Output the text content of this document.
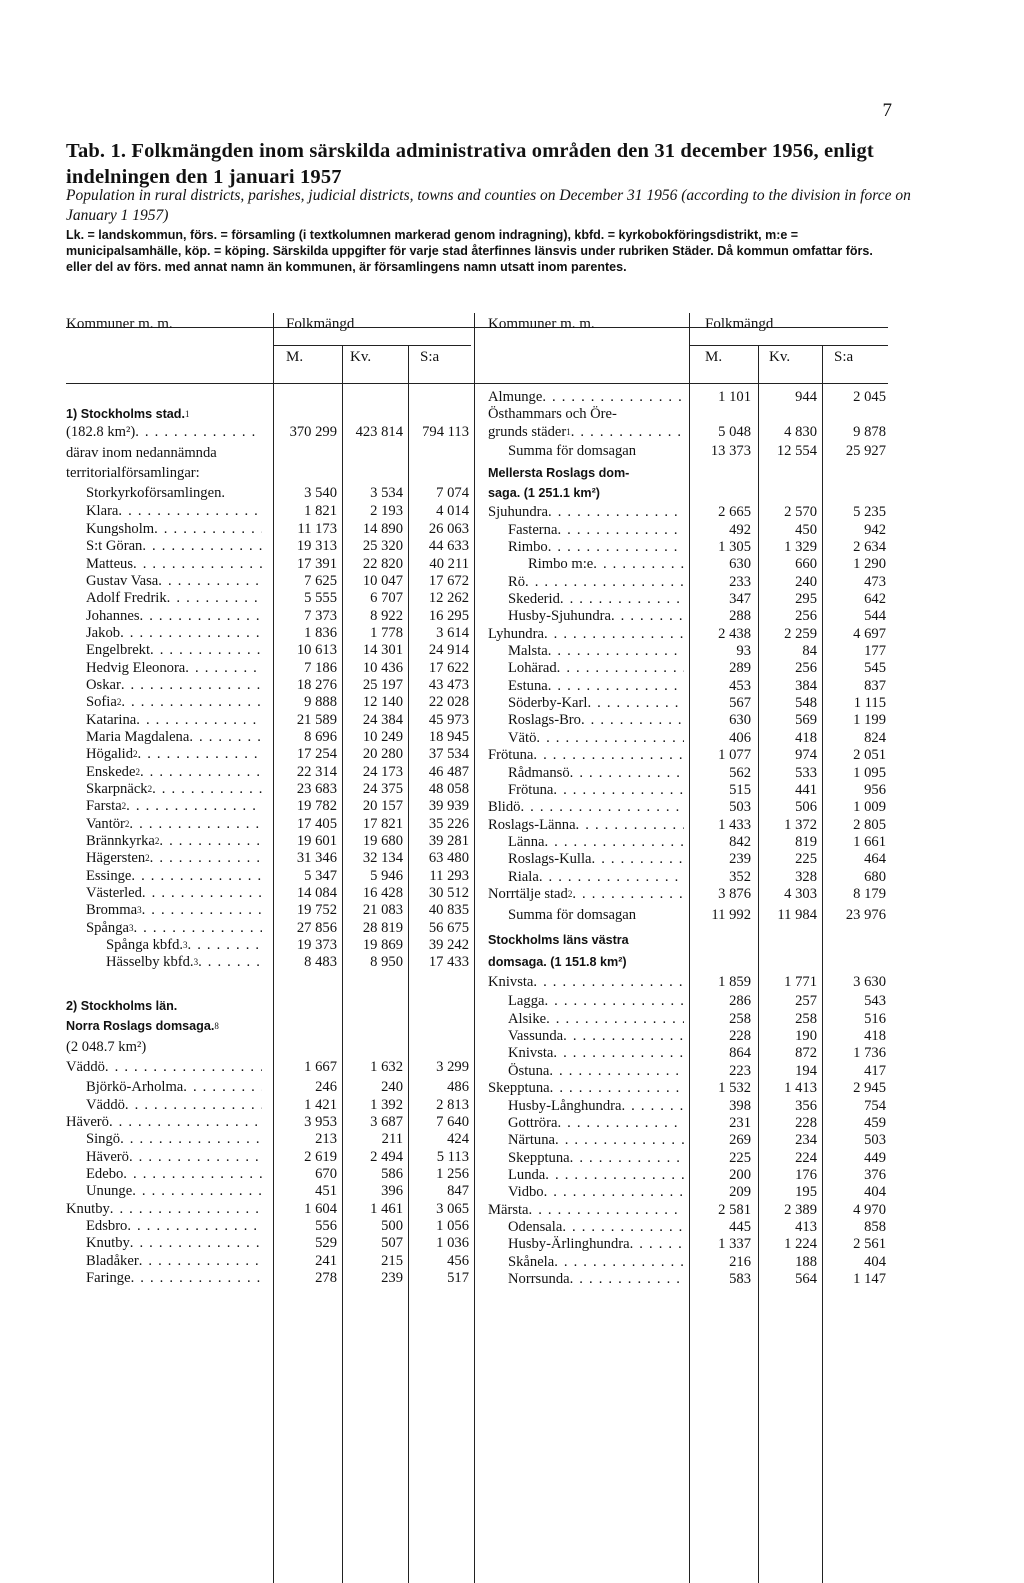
7
Tab. 1. Folkmängden inom särskilda administrativa områden den 31 december 1956, enligt indelningen den 1 januari 1957
Population in rural districts, parishes, judicial districts, towns and counties on December 31 1956 (according to the division in force on January 1 1957)
Lk. = landskommun, förs. = församling (i textkolumnen markerad genom indragning), kbfd. = kyrkobokföringsdistrikt, m:e = municipalsamhälle, köp. = köping. Särskilda uppgifter för varje stad återfinnes länsvis under rubriken Städer. Då kommun omfattar förs. eller del av förs. med annat namn än kommunen, är församlingens namn utsatt inom parentes.
Kommuner m. m.	Folkmängd
M.	Kv.	S:a
Kommuner m. m.	Folkmängd
M.	Kv.	S:a
1) Stockholms stad. 1
(182.8 km²) . . .	370 299	423 814	794 113
därav inom nedannämnda
territorialförsamlingar:
Storkyrkoförsamlingen.	3 540	3 534	7 074
Klara . . .	1 821	2 193	4 014
Kungsholm . . .	11 173	14 890	26 063
S:t Göran . . .	19 313	25 320	44 633
Matteus . . .	17 391	22 820	40 211
Gustav Vasa . . .	7 625	10 047	17 672
Adolf Fredrik . . .	5 555	6 707	12 262
Johannes . . .	7 373	8 922	16 295
Jakob . . .	1 836	1 778	3 614
Engelbrekt . . .	10 613	14 301	24 914
Hedvig Eleonora . . .	7 186	10 436	17 622
Oskar . . .	18 276	25 197	43 473
Sofia 2 . . .	9 888	12 140	22 028
Katarina . . .	21 589	24 384	45 973
Maria Magdalena . . .	8 696	10 249	18 945
Högalid 2 . . .	17 254	20 280	37 534
Enskede 2 . . .	22 314	24 173	46 487
Skarpnäck 2 . . .	23 683	24 375	48 058
Farsta 2 . . .	19 782	20 157	39 939
Vantör 2 . . .	17 405	17 821	35 226
Brännkyrka 2 . . .	19 601	19 680	39 281
Hägersten 2 . . .	31 346	32 134	63 480
Essinge . . .	5 347	5 946	11 293
Västerled . . .	14 084	16 428	30 512
Bromma 3 . . .	19 752	21 083	40 835
Spånga 3 . . .	27 856	28 819	56 675
Spånga kbfd. 3 . . .	19 373	19 869	39 242
Hässelby kbfd. 3 . . .	8 483	8 950	17 433
2) Stockholms län.
Norra Roslags domsaga. 8
(2 048.7 km²)
Väddö . . .	1 667	1 632	3 299
Björkö-Arholma . . .	246	240	486
Väddö . . .	1 421	1 392	2 813
Häverö . . .	3 953	3 687	7 640
Singö . . .	213	211	424
Häverö . . .	2 619	2 494	5 113
Edebo . . .	670	586	1 256
Ununge . . .	451	396	847
Knutby . . .	1 604	1 461	3 065
Edsbro . . .	556	500	1 056
Knutby . . .	529	507	1 036
Bladåker . . .	241	215	456
Faringe . . .	278	239	517
Almunge . . .	1 101	944	2 045
Östhammars och Öre-
grunds städer 1 . . .	5 048	4 830	9 878
Summa för domsagan	13 373	12 554	25 927
Mellersta Roslags dom-
saga. (1 251.1 km²)
Sjuhundra . . .	2 665	2 570	5 235
Fasterna . . .	492	450	942
Rimbo . . .	1 305	1 329	2 634
Rimbo m:e . . .	630	660	1 290
Rö . . .	233	240	473
Skederid . . .	347	295	642
Husby-Sjuhundra . . .	288	256	544
Lyhundra . . .	2 438	2 259	4 697
Malsta . . .	93	84	177
Lohärad . . .	289	256	545
Estuna . . .	453	384	837
Söderby-Karl . . .	567	548	1 115
Roslags-Bro . . .	630	569	1 199
Vätö . . .	406	418	824
Frötuna . . .	1 077	974	2 051
Rådmansö . . .	562	533	1 095
Frötuna . . .	515	441	956
Blidö . . .	503	506	1 009
Roslags-Länna . . .	1 433	1 372	2 805
Länna . . .	842	819	1 661
Roslags-Kulla . . .	239	225	464
Riala . . .	352	328	680
Norrtälje stad 2 . . .	3 876	4 303	8 179
Summa för domsagan	11 992	11 984	23 976
Stockholms läns västra
domsaga. (1 151.8 km²)
Knivsta . . .	1 859	1 771	3 630
Lagga . . .	286	257	543
Alsike . . .	258	258	516
Vassunda . . .	228	190	418
Knivsta . . .	864	872	1 736
Östuna . . .	223	194	417
Skepptuna . . .	1 532	1 413	2 945
Husby-Långhundra . . .	398	356	754
Gottröra . . .	231	228	459
Närtuna . . .	269	234	503
Skepptuna . . .	225	224	449
Lunda . . .	200	176	376
Vidbo . . .	209	195	404
Märsta . . .	2 581	2 389	4 970
Odensala . . .	445	413	858
Husby-Ärlinghundra . . .	1 337	1 224	2 561
Skånela . . .	216	188	404
Norrsunda . . .	583	564	1 147
